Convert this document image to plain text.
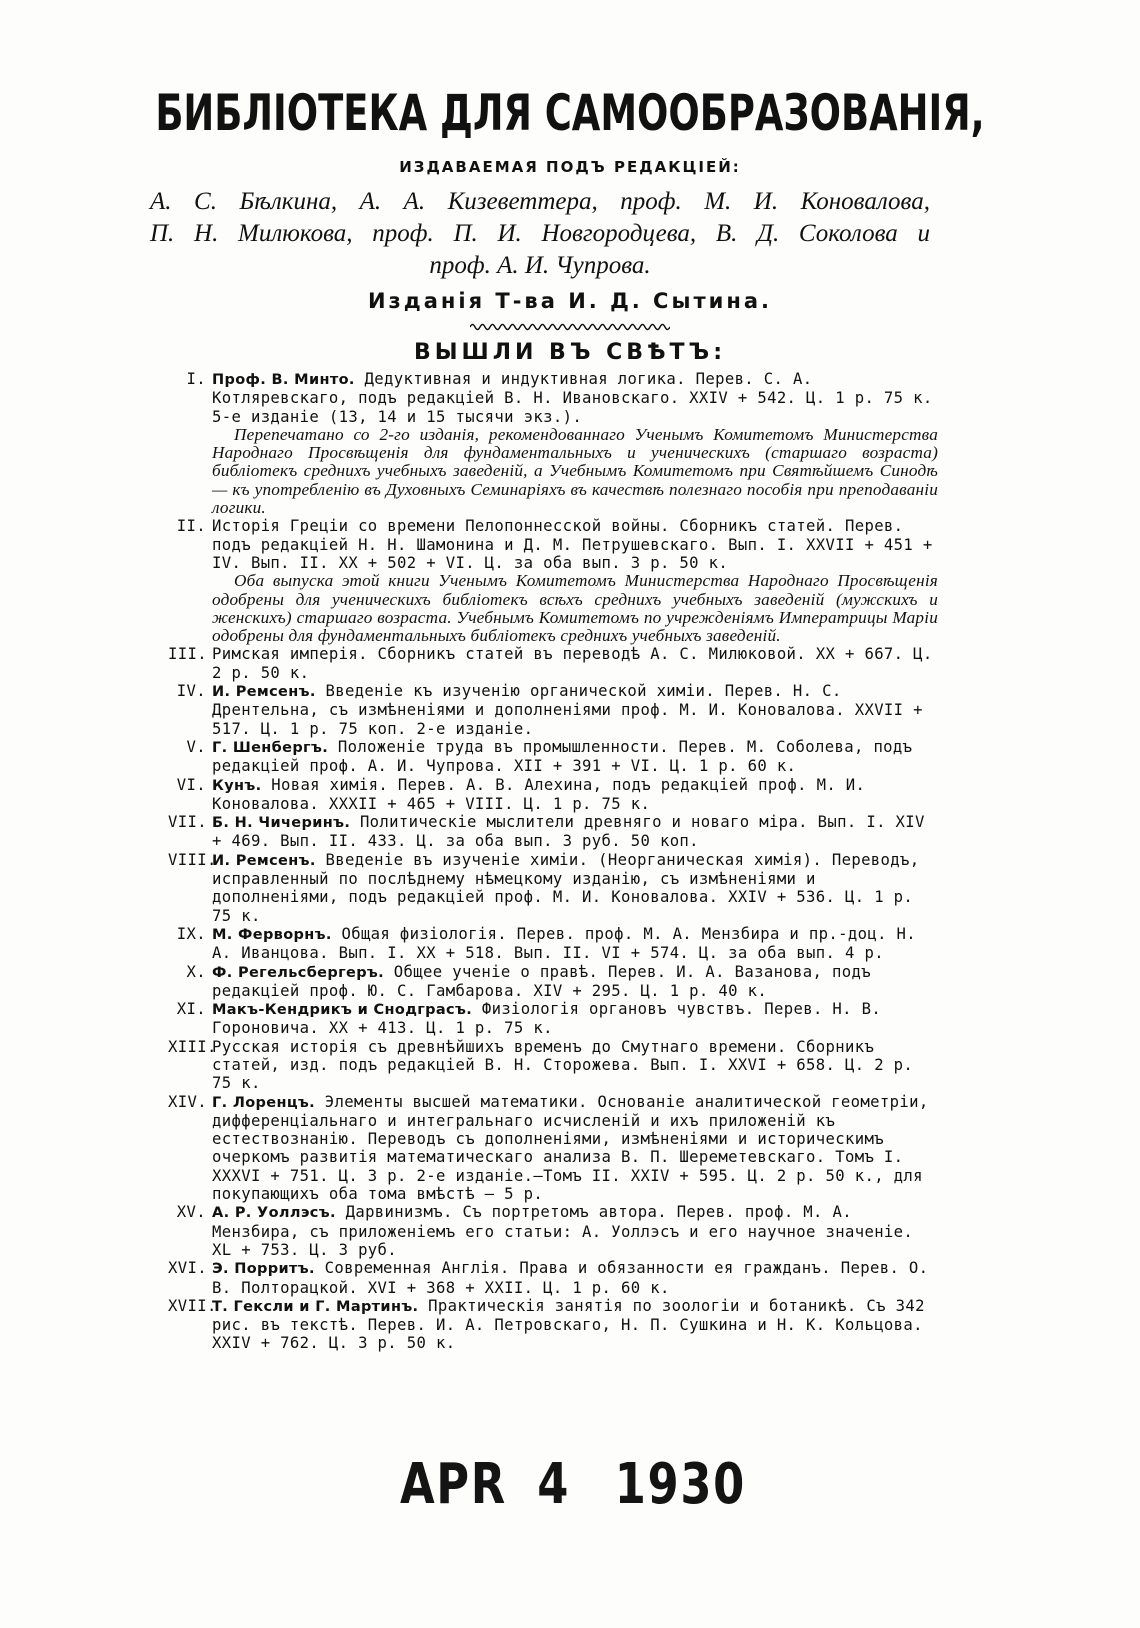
БИБЛІОТЕКА ДЛЯ САМООБРАЗОВАНІЯ,
ИЗДАВАЕМАЯ ПОДЪ РЕДАКЦІЕЙ:
А. С. Бѣлкина, А. А. Кизеветтера, проф. М. И. Коновалова,
П. Н. Милюкова, проф. П. И. Новгородцева, В. Д. Соколова и
проф. А. И. Чупрова.
Изданія Т-ва И. Д. Сытина.
ВЫШЛИ ВЪ СВѢТЪ:
I. Проф. В. Минто. Дедуктивная и индуктивная логика. Перев. С. А. Котляревскаго, подъ редакціей В. Н. Ивановскаго. XXIV + 542. Ц. 1 р. 75 к. 5-е изданіе (13, 14 и 15 тысячи экз.).
Перепечатано со 2-го изданія, рекомендованнаго Ученымъ Комитетомъ Министерства Народнаго Просвѣщенія для фундаментальныхъ и ученическихъ (старшаго возраста) библіотекъ среднихъ учебныхъ заведеній, а Учебнымъ Комитетомъ при Святѣйшемъ Синодѣ — къ употребленію въ Духовныхъ Семинаріяхъ въ качествѣ полезнаго пособія при преподаваніи логики.
II. Исторія Греціи со времени Пелопоннесской войны. Сборникъ статей. Перев. подъ редакціей Н. Н. Шамонина и Д. М. Петрушевскаго. Вып. I. XXVII + 451 + IV. Вып. II. XX + 502 + VI. Ц. за оба вып. 3 р. 50 к.
Оба выпуска этой книги Ученымъ Комитетомъ Министерства Народнаго Просвѣщенія одобрены для ученическихъ библіотекъ всѣхъ среднихъ учебныхъ заведеній (мужскихъ и женскихъ) старшаго возраста. Учебнымъ Комитетомъ по учрежденіямъ Императрицы Маріи одобрены для фундаментальныхъ библіотекъ среднихъ учебныхъ заведеній.
III. Римская имперія. Сборникъ статей въ переводѣ А. С. Милюковой. XX + 667. Ц. 2 р. 50 к.
IV. И. Ремсенъ. Введеніе къ изученію органической химіи. Перев. Н. С. Дрентельна, съ измѣненіями и дополненіями проф. М. И. Коновалова. XXVII + 517. Ц. 1 р. 75 коп. 2-е изданіе.
V. Г. Шенбергъ. Положеніе труда въ промышленности. Перев. М. Соболева, подъ редакціей проф. А. И. Чупрова. XII + 391 + VI. Ц. 1 р. 60 к.
VI. Кунъ. Новая химія. Перев. А. В. Алехина, подъ редакціей проф. М. И. Коновалова. XXXII + 465 + VIII. Ц. 1 р. 75 к.
VII. Б. Н. Чичеринъ. Политическіе мыслители древняго и новаго міра. Вып. I. XIV + 469. Вып. II. 433. Ц. за оба вып. 3 руб. 50 коп.
VIII.
И. Ремсенъ. Введеніе въ изученіе химіи. (Неорганическая химія). Переводъ, исправленный по послѣднему нѣмецкому изданію, съ измѣненіями и дополненіями, подъ редакціей проф. М. И. Коновалова. XXIV + 536. Ц. 1 р. 75 к.
IX. М. Ферворнъ. Общая физіологія. Перев. проф. М. А. Мензбира и пр.-доц. Н. А. Иванцова. Вып. I. XX + 518. Вып. II. VI + 574. Ц. за оба вып. 4 р.
X. Ф. Регельсбергеръ. Общее ученіе о правѣ. Перев. И. А. Вазанова, подъ редакціей проф. Ю. С. Гамбарова. XIV + 295. Ц. 1 р. 40 к.
XI. Макъ-Кендрикъ и Снодграсъ. Физіологія органовъ чувствъ. Перев. Н. В. Гороновича. XX + 413. Ц. 1 р. 75 к.
XIII.
Русская исторія съ древнѣйшихъ временъ до Смутнаго времени. Сборникъ статей, изд. подъ редакціей В. Н. Сторожева. Вып. I. XXVI + 658. Ц. 2 р. 75 к.
XIV. Г. Лоренцъ. Элементы высшей математики. Основаніе аналитической геометріи, дифференціальнаго и интегральнаго исчисленій и ихъ приложеній къ естествознанію. Переводъ съ дополненіями, измѣненіями и историческимъ очеркомъ развитія математическаго анализа В. П. Шереметевскаго. Томъ I. XXXVI + 751. Ц. 3 р. 2-е изданіе.—Томъ II. XXIV + 595. Ц. 2 р. 50 к., для покупающихъ оба тома вмѣстѣ — 5 р.
XV. А. Р. Уоллэсъ. Дарвинизмъ. Съ портретомъ автора. Перев. проф. М. А. Мензбира, съ приложеніемъ его статьи: А. Уоллэсъ и его научное значеніе. XL + 753. Ц. 3 руб.
XVI. Э. Порритъ. Современная Англія. Права и обязанности ея гражданъ. Перев. О. В. Полторацкой. XVI + 368 + XXII. Ц. 1 р. 60 к.
XVII.
Т. Гексли и Г. Мартинъ. Практическія занятія по зоологіи и ботаникѣ. Съ 342 рис. въ текстѣ. Перев. И. А. Петровскаго, Н. П. Сушкина и Н. К. Кольцова. XXIV + 762. Ц. 3 р. 50 к.
APR 4 1930
